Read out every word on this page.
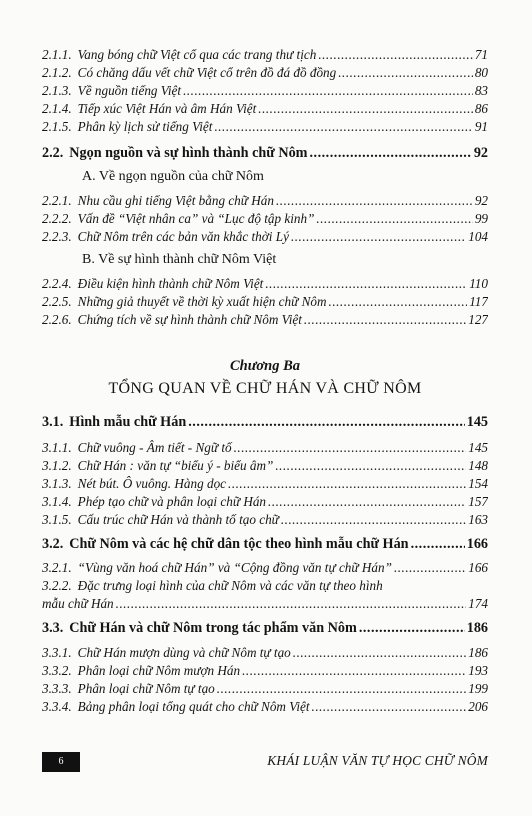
2.1.1. Vang bóng chữ Việt cổ qua các trang thư tịch .....	71
2.1.2. Có chăng dấu vết chữ Việt cổ trên đồ đá đồ đồng .....	80
2.1.3. Về nguồn tiếng Việt .....	83
2.1.4. Tiếp xúc Việt Hán và âm Hán Việt .....	86
2.1.5. Phân kỳ lịch sử tiếng Việt .....	91
2.2. Ngọn nguồn và sự hình thành chữ Nôm .....	92
A. Về ngọn nguồn của chữ Nôm
2.2.1. Nhu cầu ghi tiếng Việt bằng chữ Hán .....	92
2.2.2. Vấn đề “Việt nhân ca” và “Lục độ tập kinh” .....	99
2.2.3. Chữ Nôm trên các bản văn khắc thời Lý .....	104
B. Về sự hình thành chữ Nôm Việt
2.2.4. Điều kiện hình thành chữ Nôm Việt .....	110
2.2.5. Những giả thuyết về thời kỳ xuất hiện chữ Nôm .....	117
2.2.6. Chứng tích về sự hình thành chữ Nôm Việt .....	127
Chương Ba
TỔNG QUAN VỀ CHỮ HÁN VÀ CHỮ NÔM
3.1. Hình mẫu chữ Hán .....	145
3.1.1. Chữ vuông - Âm tiết - Ngữ tố .....	145
3.1.2. Chữ Hán : văn tự “biểu ý - biểu âm” .....	148
3.1.3. Nét bút. Ô vuông. Hàng dọc .....	154
3.1.4. Phép tạo chữ và phân loại chữ Hán .....	157
3.1.5. Cấu trúc chữ Hán và thành tố tạo chữ .....	163
3.2. Chữ Nôm và các hệ chữ dân tộc theo hình mẫu chữ Hán .....	166
3.2.1. “Vùng văn hoá chữ Hán” và “Cộng đồng văn tự chữ Hán” .....	166
3.2.2. Đặc trưng loại hình của chữ Nôm và các văn tự theo hình
mẫu chữ Hán .....	174
3.3. Chữ Hán và chữ Nôm trong tác phẩm văn Nôm .....	186
3.3.1. Chữ Hán mượn dùng và chữ Nôm tự tạo .....	186
3.3.2. Phân loại chữ Nôm mượn Hán .....	193
3.3.3. Phân loại chữ Nôm tự tạo .....	199
3.3.4. Bảng phân loại tổng quát cho chữ Nôm Việt .....	206
6	KHÁI LUẬN VĂN TỰ HỌC CHỮ NÔM
